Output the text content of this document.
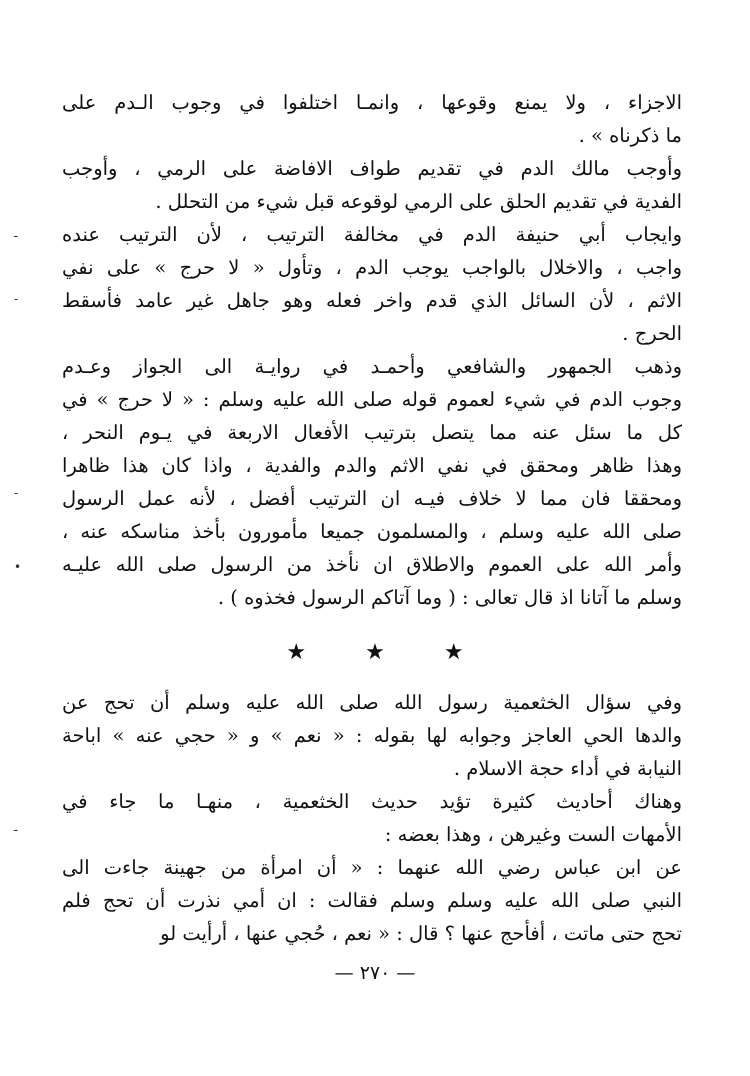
الاجزاء ، ولا يمنع وقوعها ، وانمـا اختلفوا في وجوب الـدم على
ما ذكرناه » .
وأوجب مالك الدم في تقديم طواف الافاضة على الرمي ، وأوجب
الفدية في تقديم الحلق على الرمي لوقوعه قبل شيء من التحلل .
وايجاب أبي حنيفة الدم في مخالفة الترتيب ، لأن الترتيب عنده
واجب ، والاخلال بالواجب يوجب الدم ، وتأول « لا حرج » على نفي
الاثم ، لأن السائل الذي قدم واخر فعله وهو جاهل غير عامد فأسقط
الحرج .
وذهب الجمهور والشافعي وأحمـد في روايـة الى الجواز وعـدم
وجوب الدم في شيء لعموم قوله صلى الله عليه وسلم : « لا حرج » في
كل ما سئل عنه مما يتصل بترتيب الأفعال الاربعة في يـوم النحر ،
وهذا ظاهر ومحقق في نفي الاثم والدم والفدية ، واذا كان هذا ظاهرا
ومحققا فان مما لا خلاف فيـه ان الترتيب أفضل ، لأنه عمل الرسول
صلى الله عليه وسلم ، والمسلمون جميعا مأمورون بأخذ مناسكه عنه ،
وأمر الله على العموم والاطلاق ان نأخذ من الرسول صلى الله عليـه
وسلم ما آتانا اذ قال تعالى : ( وما آتاكم الرسول فخذوه ) .
★	★	★
وفي سؤال الخثعمية رسول الله صلى الله عليه وسلم أن تحج عن
والدها الحي العاجز وجوابه لها بقوله : « نعم » و « حجي عنه » اباحة
النيابة في أداء حجة الاسلام .
وهناك أحاديث كثيرة تؤيد حديث الخثعمية ، منهـا ما جاء في
الأمهات الست وغيرهن ، وهذا بعضه :
عن ابن عباس رضي الله عنهما : « أن امرأة من جهينة جاءت الى
النبي صلى الله عليه وسلم وسلم فقالت : ان أمي نذرت أن تحج فلم
تحج حتى ماتت ، أفأحج عنها ؟ قال : « نعم ، حُجي عنها ، أرأيت لو
— ٢٧٠ —
ـ
-
-
•
ـ
